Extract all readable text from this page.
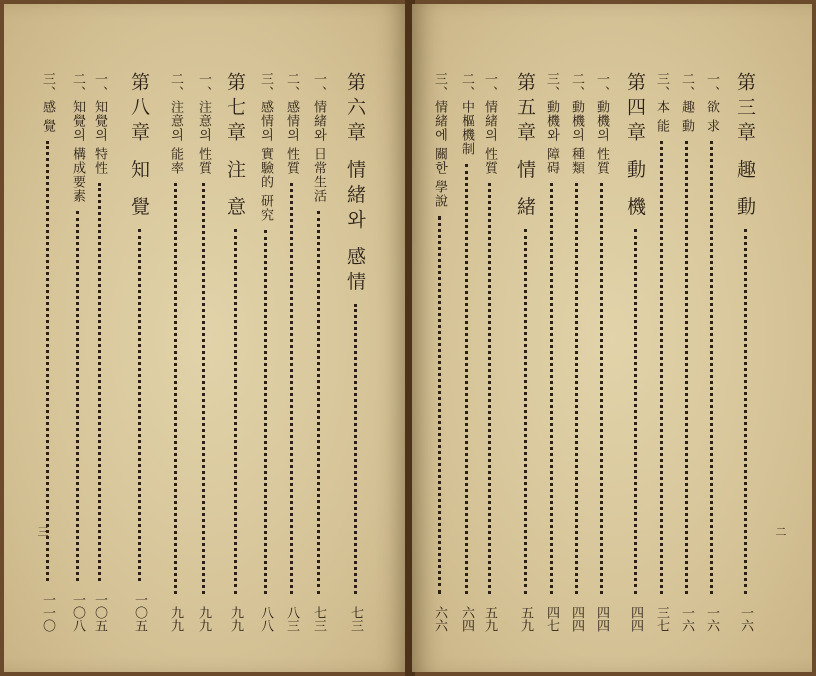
三
第六章 情緒와 感情
七三
一、情緒와 日常生活
七三
二、感情의 性質
八三
三、感情의 實驗的 研究
八八
第七章 注 意
九九
一、注意의 性質
九九
二、注意의 能率
九九
第八章 知 覺
一〇五
一、知覺의 特性
一〇五
二、知覺의 構成要素
一〇八
三、感 覺
一一〇
二
第三章 趣 動
一六
一、欲 求
一六
二、趣 動
一六
三、本 能
三七
第四章 動 機
四四
一、動機의 性質
四四
二、動機의 種類
四四
三、動機와 障碍
四七
第五章 情 緒
五九
一、情緒의 性質
五九
二、中樞機制
六四
三、情緒에 關한 學說
六六
